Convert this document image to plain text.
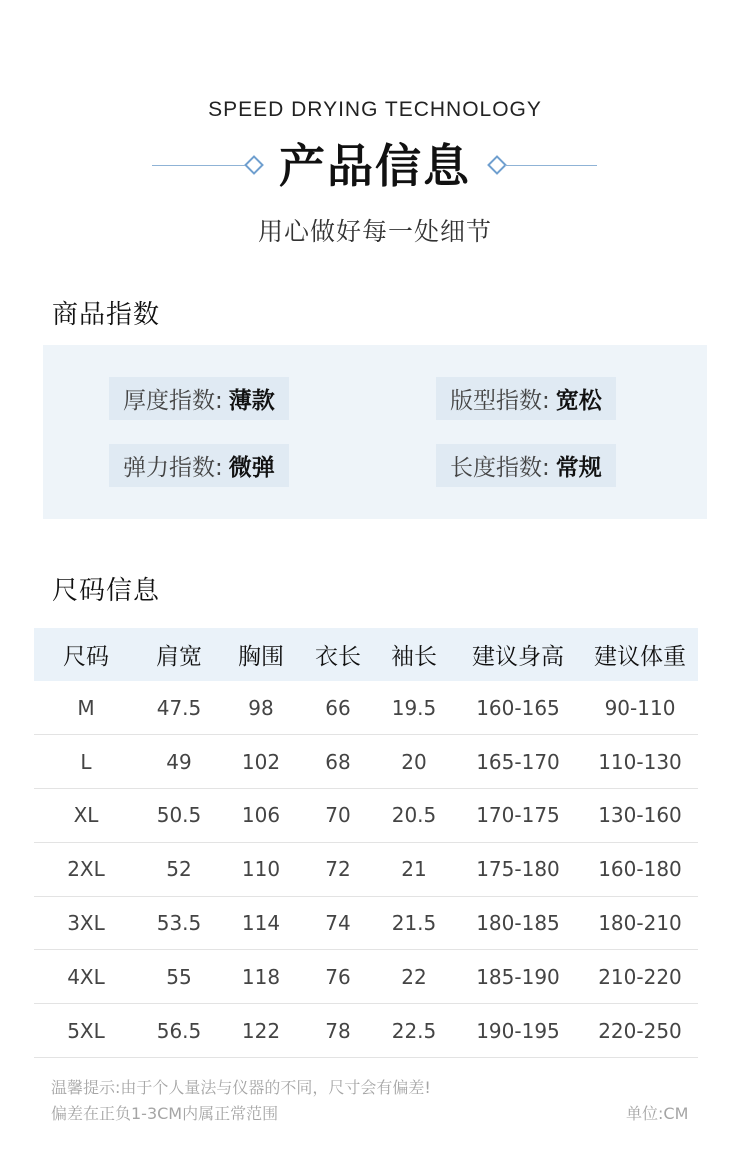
SPEED DRYING TECHNOLOGY
产品信息
用心做好每一处细节
商品指数
厚度指数: 薄款	版型指数: 宽松
弹力指数: 微弹	长度指数: 常规
尺码信息
尺码	肩宽	胸围	衣长	袖长	建议身高	建议体重
M	47.5	98	66	19.5	160-165	90-110
L	49	102	68	20	165-170	110-130
XL	50.5	106	70	20.5	170-175	130-160
2XL	52	110	72	21	175-180	160-180
3XL	53.5	114	74	21.5	180-185	180-210
4XL	55	118	76	22	185-190	210-220
5XL	56.5	122	78	22.5	190-195	220-250
温馨提示:由于个人量法与仪器的不同，尺寸会有偏差!
偏差在正负1-3CM内属正常范围	单位:CM
